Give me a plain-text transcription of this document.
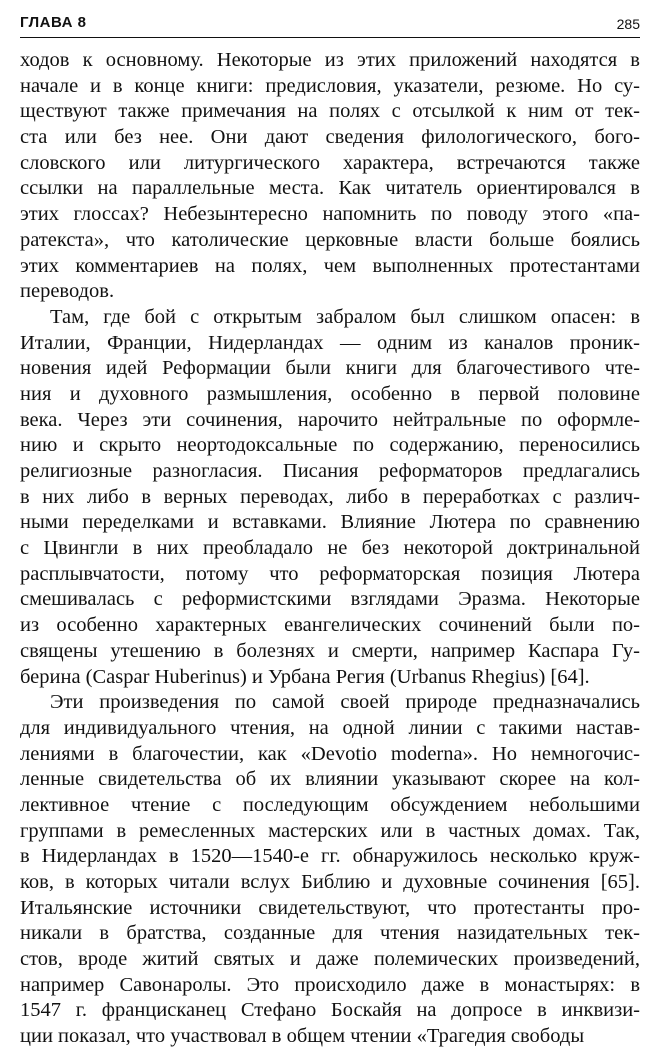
ГЛАВА 8	285
ходов к основному. Некоторые из этих приложений находятся в
начале и в конце книги: предисловия, указатели, резюме. Но су-
ществуют также примечания на полях с отсылкой к ним от тек-
ста или без нее. Они дают сведения филологического, бого-
словского или литургического характера, встречаются также
ссылки на параллельные места. Как читатель ориентировался в
этих глоссах? Небезынтересно напомнить по поводу этого «па-
ратекста», что католические церковные власти больше боялись
этих комментариев на полях, чем выполненных протестантами
переводов.
Там, где бой с открытым забралом был слишком опасен: в
Италии, Франции, Нидерландах — одним из каналов проник-
новения идей Реформации были книги для благочестивого чте-
ния и духовного размышления, особенно в первой половине
века. Через эти сочинения, нарочито нейтральные по оформле-
нию и скрыто неортодоксальные по содержанию, переносились
религиозные разногласия. Писания реформаторов предлагались
в них либо в верных переводах, либо в переработках с различ-
ными переделками и вставками. Влияние Лютера по сравнению
с Цвингли в них преобладало не без некоторой доктринальной
расплывчатости, потому что реформаторская позиция Лютера
смешивалась с реформистскими взглядами Эразма. Некоторые
из особенно характерных евангелических сочинений были по-
священы утешению в болезнях и смерти, например Каспара Гу-
берина (Caspar Huberinus) и Урбана Регия (Urbanus Rhegius) [64].
Эти произведения по самой своей природе предназначались
для индивидуального чтения, на одной линии с такими настав-
лениями в благочестии, как «Devotio moderna». Но немногочис-
ленные свидетельства об их влиянии указывают скорее на кол-
лективное чтение с последующим обсуждением небольшими
группами в ремесленных мастерских или в частных домах. Так,
в Нидерландах в 1520—1540-е гг. обнаружилось несколько круж-
ков, в которых читали вслух Библию и духовные сочинения [65].
Итальянские источники свидетельствуют, что протестанты про-
никали в братства, созданные для чтения назидательных тек-
стов, вроде житий святых и даже полемических произведений,
например Савонаролы. Это происходило даже в монастырях: в
1547 г. францисканец Стефано Боскайя на допросе в инквизи-
ции показал, что участвовал в общем чтении «Трагедия свободы
